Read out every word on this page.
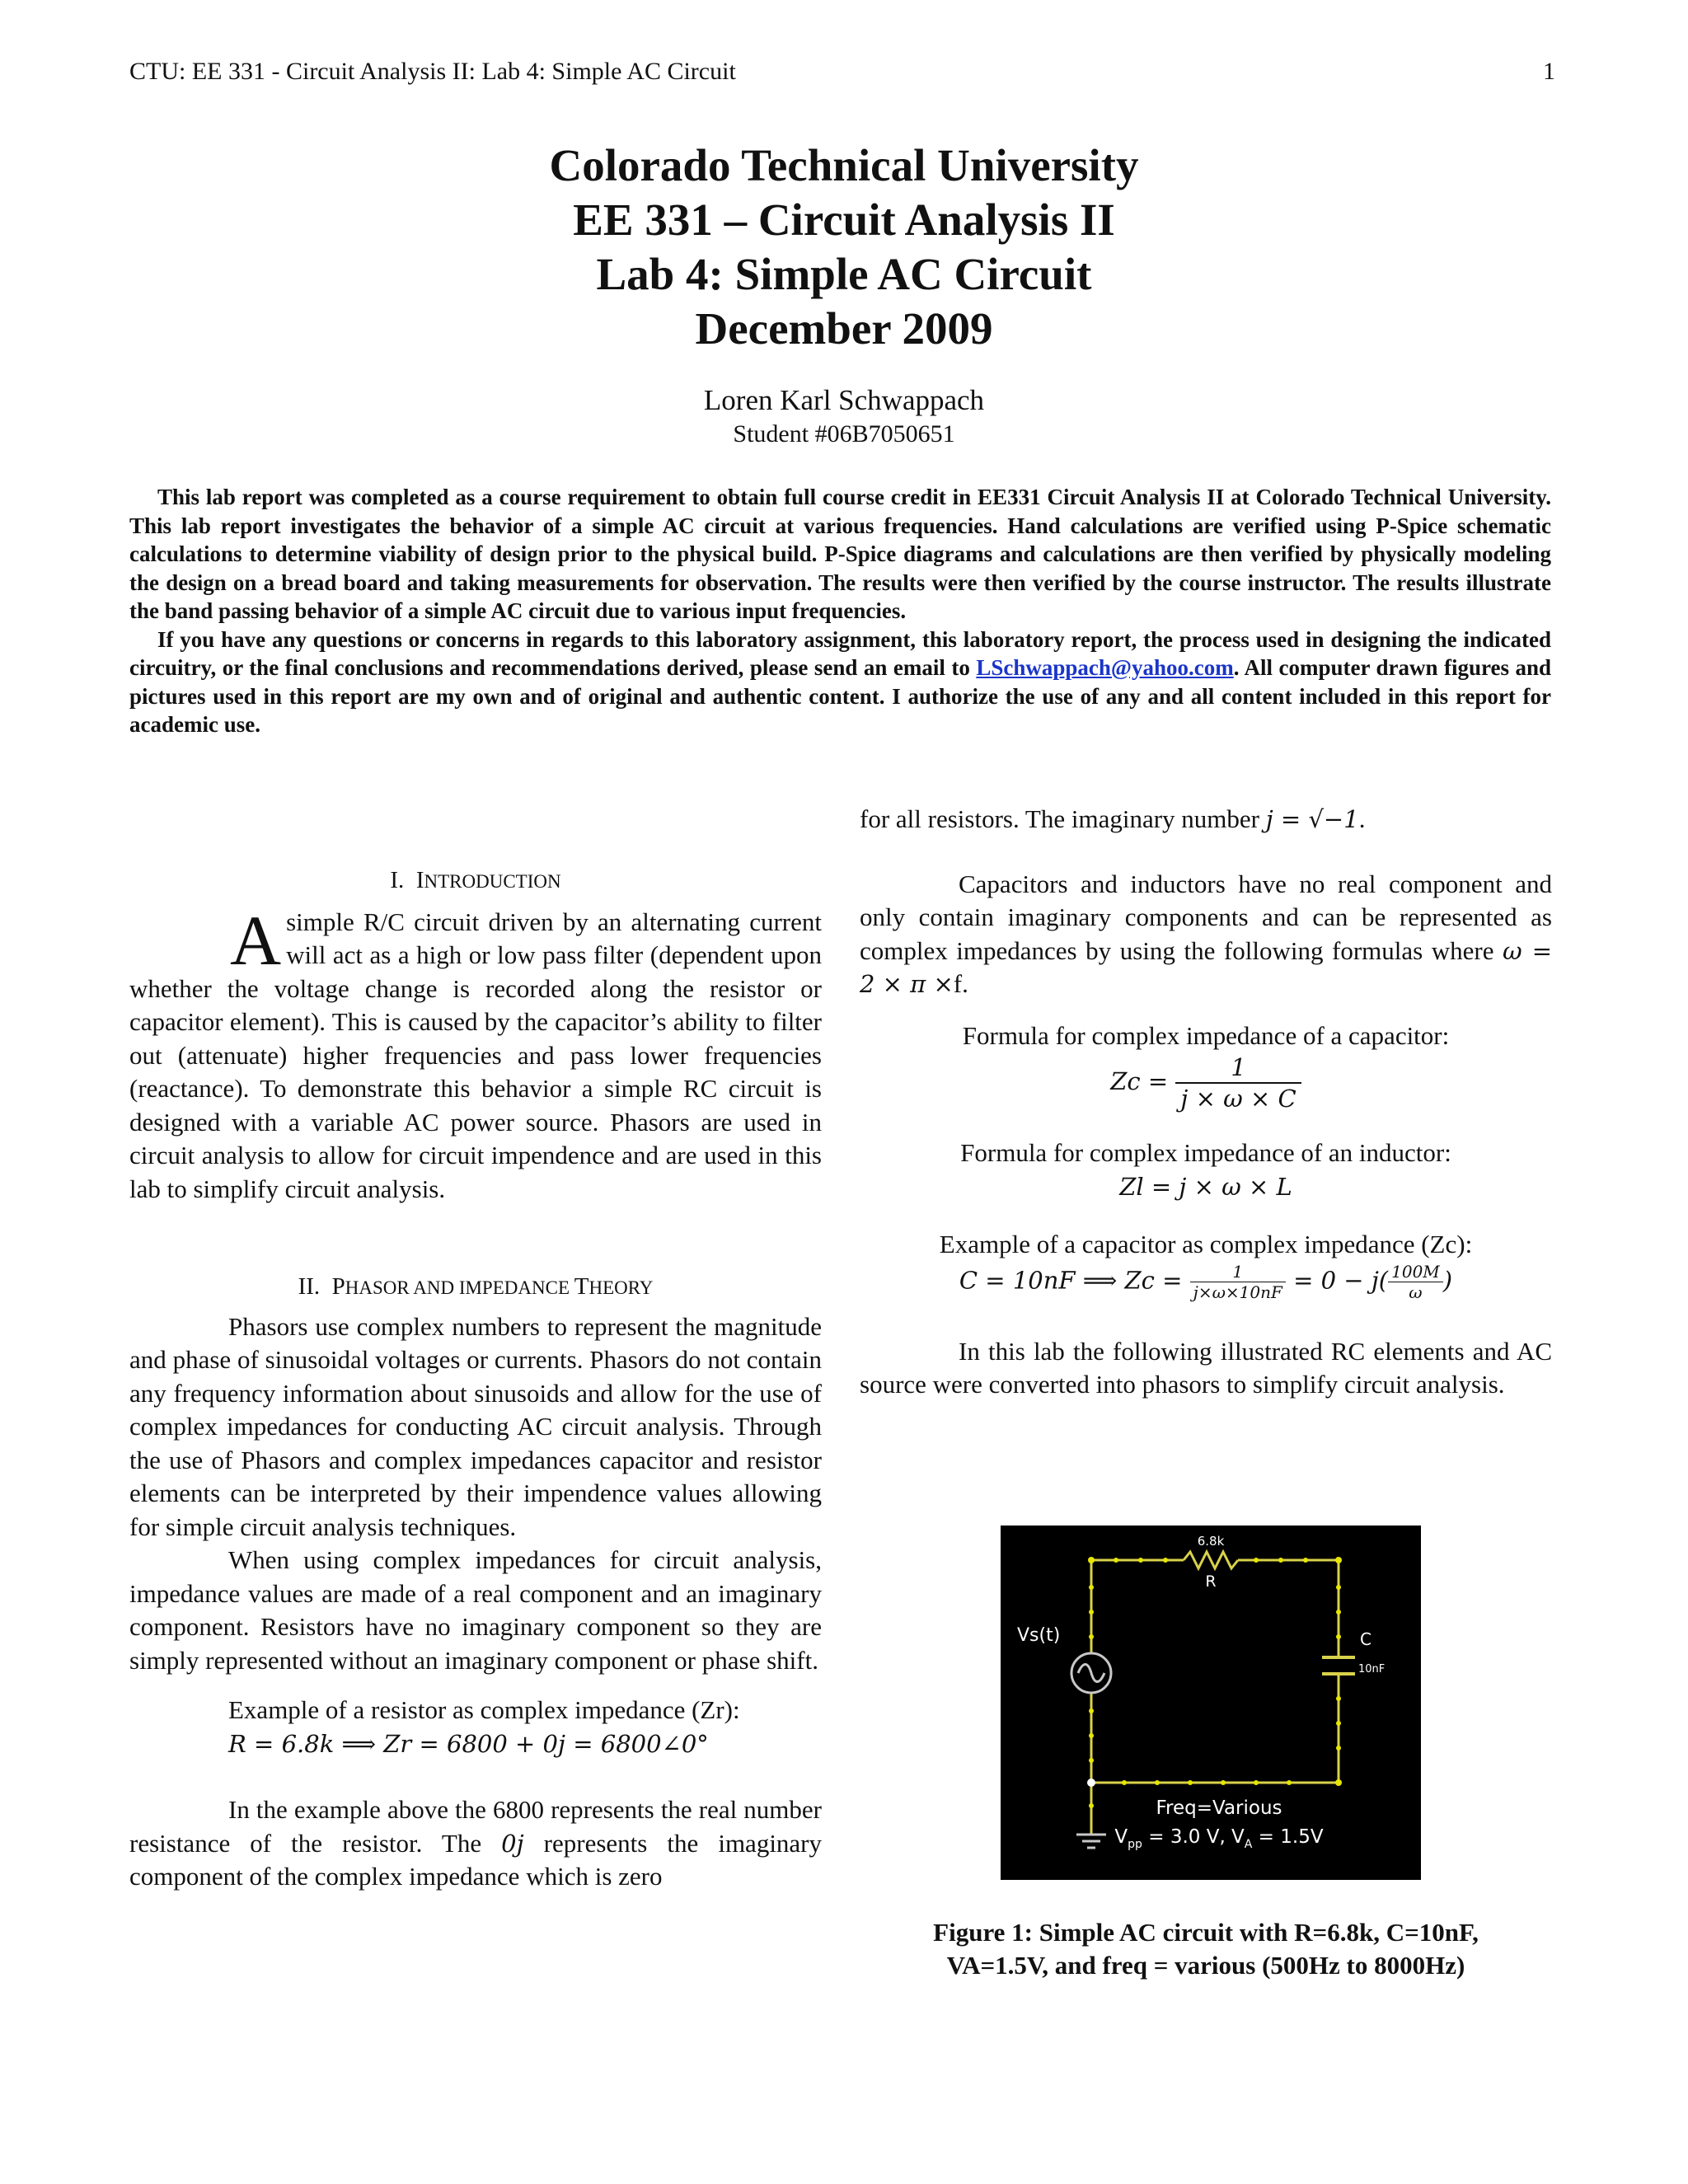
CTU: EE 331 - Circuit Analysis II: Lab 4: Simple AC Circuit	1
Colorado Technical University
EE 331 – Circuit Analysis II
Lab 4: Simple AC Circuit
December 2009
Loren Karl Schwappach
Student #06B7050651

This lab report was completed as a course requirement to obtain full course credit in EE331 Circuit Analysis II at Colorado Technical University. This lab report investigates the behavior of a simple AC circuit at various frequencies. Hand calculations are verified using P-Spice schematic calculations to determine viability of design prior to the physical build. P-Spice diagrams and calculations are then verified by physically modeling the design on a bread board and taking measurements for observation. The results were then verified by the course instructor. The results illustrate the band passing behavior of a simple AC circuit due to various input frequencies.

If you have any questions or concerns in regards to this laboratory assignment, this laboratory report, the process used in designing the indicated circuitry, or the final conclusions and recommendations derived, please send an email to LSchwappach@yahoo.com. All computer drawn figures and pictures used in this report are my own and of original and authentic content. I authorize the use of any and all content included in this report for academic use.

I. INTRODUCTION

Asimple R/C circuit driven by an alternating current will act as a high or low pass filter (dependent upon whether the voltage change is recorded along the resistor or capacitor element). This is caused by the capacitor’s ability to filter out (attenuate) higher frequencies and pass lower frequencies (reactance). To demonstrate this behavior a simple RC circuit is designed with a variable AC power source. Phasors are used in circuit analysis to allow for circuit impendence and are used in this lab to simplify circuit analysis.

II. PHASOR AND IMPEDANCE THEORY

Phasors use complex numbers to represent the magnitude and phase of sinusoidal voltages or currents. Phasors do not contain any frequency information about sinusoids and allow for the use of complex impedances for conducting AC circuit analysis. Through the use of Phasors and complex impedances capacitor and resistor elements can be interpreted by their impendence values allowing for simple circuit analysis techniques.

When using complex impedances for circuit analysis, impedance values are made of a real component and an imaginary component. Resistors have no imaginary component so they are simply represented without an imaginary component or phase shift.

Example of a resistor as complex impedance (Zr):

R = 6.8k ⟹ Zr = 6800 + 0j = 6800∠0°

In the example above the 6800 represents the real number resistance of the resistor. The 0j represents the imaginary component of the complex impedance which is zero

for all resistors. The imaginary number j = √−1.

Capacitors and inductors have no real component and only contain imaginary components and can be represented as complex impedances by using the following formulas where ω = 2 × π ×f.

Formula for complex impedance of a capacitor:

$Zc = \frac{1}{j \times \omega \times C}$

Formula for complex impedance of an inductor:

Zl = j × ω × L

Example of a capacitor as complex impedance (Zc):

C = 10nF ⟹ $Zc = \frac{1}{j\times\omega\times 10nF} = 0 - j( \frac{100M}{\omega}$ )

In this lab the following illustrated RC elements and AC source were converted into phasors to simplify circuit analysis.

6.8k
R
C
10nF
Vs(t)
Freq=Various
$V_{pp} = 3.0$ V, $V_A = 1.5V$
Figure 1: Simple AC circuit with R=6.8k, C=10nF,
VA=1.5V, and freq = various (500Hz to 8000Hz)
